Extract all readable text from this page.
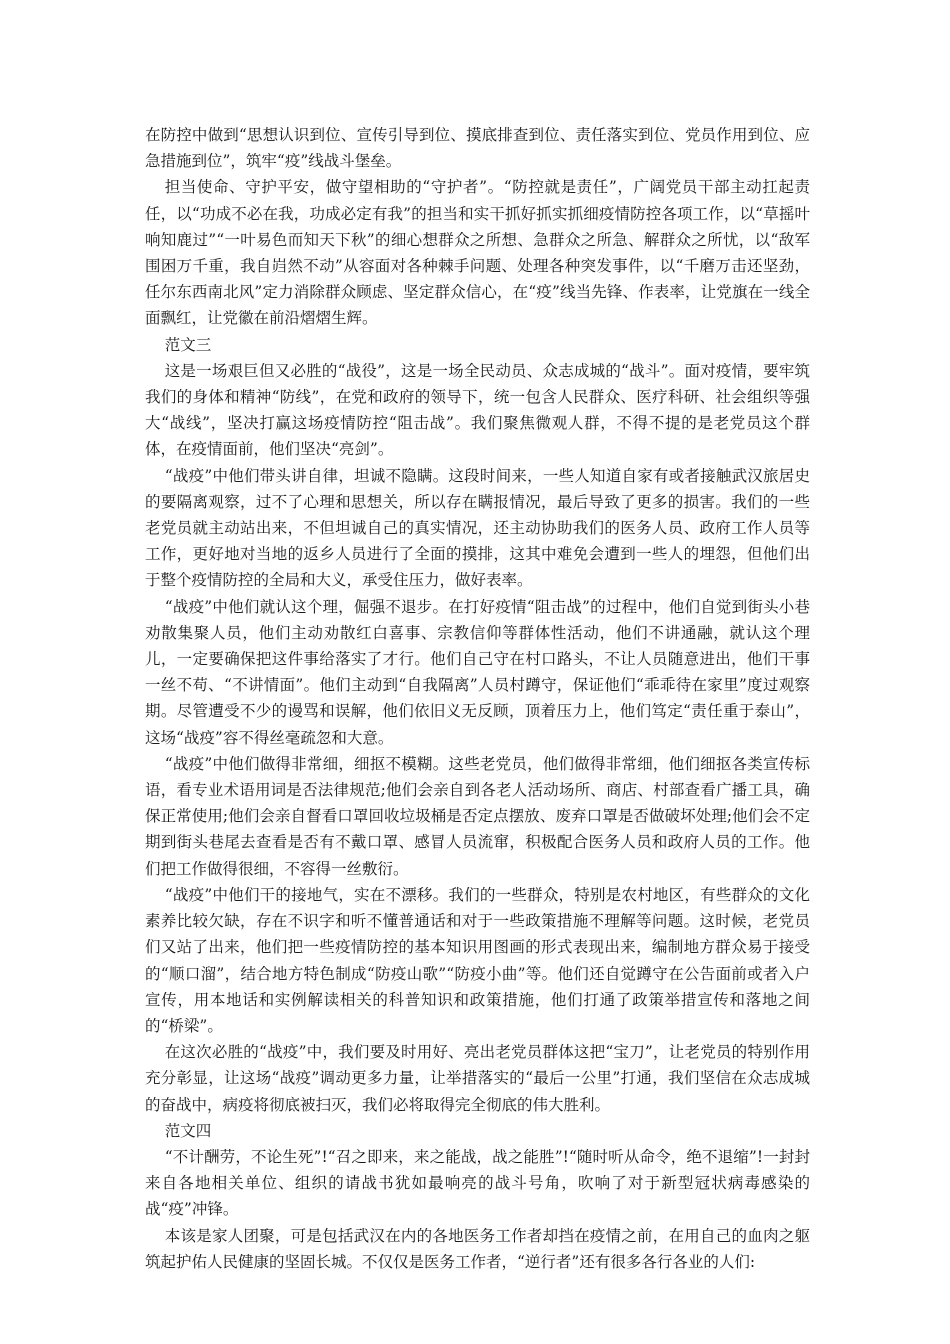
在防控中做到“思想认识到位、宣传引导到位、摸底排查到位、责任落实到位、党员作用到位、应急措施到位”，筑牢“疫”线战斗堡垒。

担当使命、守护平安，做守望相助的“守护者”。“防控就是责任”，广阔党员干部主动扛起责任，以“功成不必在我，功成必定有我”的担当和实干抓好抓实抓细疫情防控各项工作，以“草摇叶响知鹿过”“一叶易色而知天下秋”的细心想群众之所想、急群众之所急、解群众之所忧，以“敌军围困万千重，我自岿然不动”从容面对各种棘手问题、处理各种突发事件，以“千磨万击还坚劲，任尔东西南北风”定力消除群众顾虑、坚定群众信心，在“疫”线当先锋、作表率，让党旗在一线全面飘红，让党徽在前沿熠熠生辉。

范文三

这是一场艰巨但又必胜的“战役”，这是一场全民动员、众志成城的“战斗”。面对疫情，要牢筑我们的身体和精神“防线”，在党和政府的领导下，统一包含人民群众、医疗科研、社会组织等强大“战线”，坚决打赢这场疫情防控“阻击战”。我们聚焦微观人群，不得不提的是老党员这个群体，在疫情面前，他们坚决“亮剑”。

“战疫”中他们带头讲自律，坦诚不隐瞒。这段时间来，一些人知道自家有或者接触武汉旅居史的要隔离观察，过不了心理和思想关，所以存在瞒报情况，最后导致了更多的损害。我们的一些老党员就主动站出来，不但坦诚自己的真实情况，还主动协助我们的医务人员、政府工作人员等工作，更好地对当地的返乡人员进行了全面的摸排，这其中难免会遭到一些人的埋怨，但他们出于整个疫情防控的全局和大义，承受住压力，做好表率。

“战疫”中他们就认这个理，倔强不退步。在打好疫情“阻击战”的过程中，他们自觉到街头小巷劝散集聚人员，他们主动劝散红白喜事、宗教信仰等群体性活动，他们不讲通融，就认这个理儿，一定要确保把这件事给落实了才行。他们自己守在村口路头，不让人员随意进出，他们干事一丝不苟、“不讲情面”。他们主动到“自我隔离”人员村蹲守，保证他们“乖乖待在家里”度过观察期。尽管遭受不少的谩骂和误解，他们依旧义无反顾，顶着压力上，他们笃定“责任重于泰山”，这场“战疫”容不得丝毫疏忽和大意。

“战疫”中他们做得非常细，细抠不模糊。这些老党员，他们做得非常细，他们细抠各类宣传标语，看专业术语用词是否法律规范;他们会亲自到各老人活动场所、商店、村部查看广播工具，确保正常使用;他们会亲自督看口罩回收垃圾桶是否定点摆放、废弃口罩是否做破坏处理;他们会不定期到街头巷尾去查看是否有不戴口罩、感冒人员流窜，积极配合医务人员和政府人员的工作。他们把工作做得很细，不容得一丝敷衍。

“战疫”中他们干的接地气，实在不漂移。我们的一些群众，特别是农村地区，有些群众的文化素养比较欠缺，存在不识字和听不懂普通话和对于一些政策措施不理解等问题。这时候，老党员们又站了出来，他们把一些疫情防控的基本知识用图画的形式表现出来，编制地方群众易于接受的“顺口溜”，结合地方特色制成“防疫山歌”“防疫小曲”等。他们还自觉蹲守在公告面前或者入户宣传，用本地话和实例解读相关的科普知识和政策措施，他们打通了政策举措宣传和落地之间的“桥梁”。

在这次必胜的“战疫”中，我们要及时用好、亮出老党员群体这把“宝刀”，让老党员的特别作用充分彰显，让这场“战疫”调动更多力量，让举措落实的“最后一公里”打通，我们坚信在众志成城的奋战中，病疫将彻底被扫灭，我们必将取得完全彻底的伟大胜利。

范文四

“不计酬劳，不论生死”!“召之即来，来之能战，战之能胜”!“随时听从命令，绝不退缩”!一封封来自各地相关单位、组织的请战书犹如最响亮的战斗号角，吹响了对于新型冠状病毒感染的战“疫”冲锋。

本该是家人团聚，可是包括武汉在内的各地医务工作者却挡在疫情之前，在用自己的血肉之躯筑起护佑人民健康的坚固长城。不仅仅是医务工作者，“逆行者”还有很多各行各业的人们:
